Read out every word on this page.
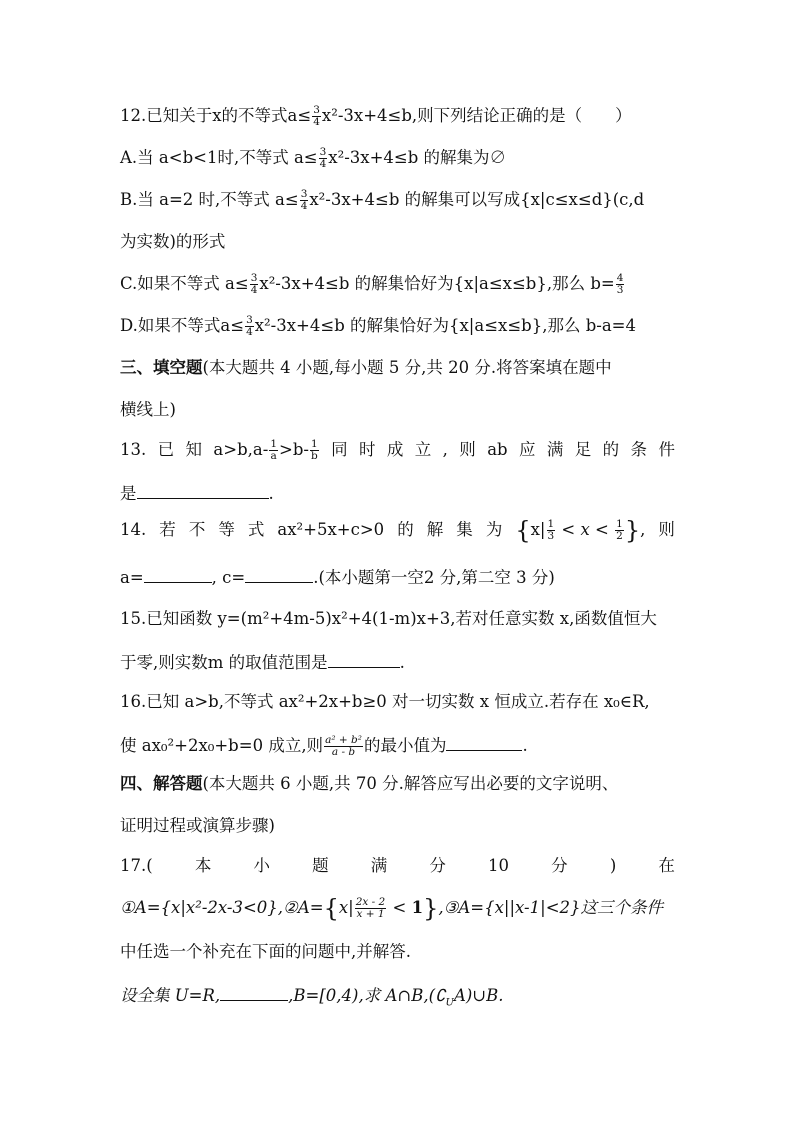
12.已知关于x的不等式$a\le \frac{3}{4} x^2-3x+4\le b$,则下列结论正确的是（　　）
A.当 a<b<1时,不等式 $a\le \frac{3}{4} x^2-3x+4\le b$ 的解集为∅
B.当 a=2 时,不等式 $a\le \frac{3}{4} x^2-3x+4\le b$ 的解集可以写成{x|c≤x≤d}(c,d
为实数)的形式
C.如果不等式 $a\le \frac{3}{4} x^2-3x+4\le b$ 的解集恰好为{x|a≤x≤b},那么 $b= \frac{4}{3}$
D.如果不等式$a\le \frac{3}{4} x^2-3x+4\le b$ 的解集恰好为{x|a≤x≤b},那么 b-a=4
三、填空题(本大题共 4 小题,每小题 5 分,共 20 分.将答案填在题中
横线上)
13. 已 知 $a>b,a- \frac{1}{a} >b- \frac{1}{b}$ 同 时 成 立 , 则 ab 应 满 足 的 条 件
是	.
14. 若 不 等 式 ax²+5x+c>0 的 解 集 为 {$x| \frac{1}{3} < x < \frac{1}{2}$ }, 则
a=	, c=	.(本小题第一空2 分,第二空 3 分)
15.已知函数 y=(m²+4m-5)x²+4(1-m)x+3,若对任意实数 x,函数值恒大
于零,则实数m 的取值范围是	.
16.已知 a>b,不等式 ax²+2x+b≥0 对一切实数 x 恒成立.若存在 x₀∈R,
使 ax₀²+2x₀+b=0 成立,则 $\frac{\text{a² + b²}}{a - b}$ 的最小值为	.
四、解答题(本大题共 6 小题,共 70 分.解答应写出必要的文字说明、
证明过程或演算步骤)
17.(	本	小	题	满	分	10	分	)	在
①A={x|x²-2x-3<0},②A={x| $\frac{2x - 2}{x + 1}$ < 1},③A={x||x-1|<2}这三个条件
中任选一个补充在下面的问题中,并解答.
设全集 U=R,	,B=[0,4),求 $A\cap B,(∁_UA)\cup B$.
